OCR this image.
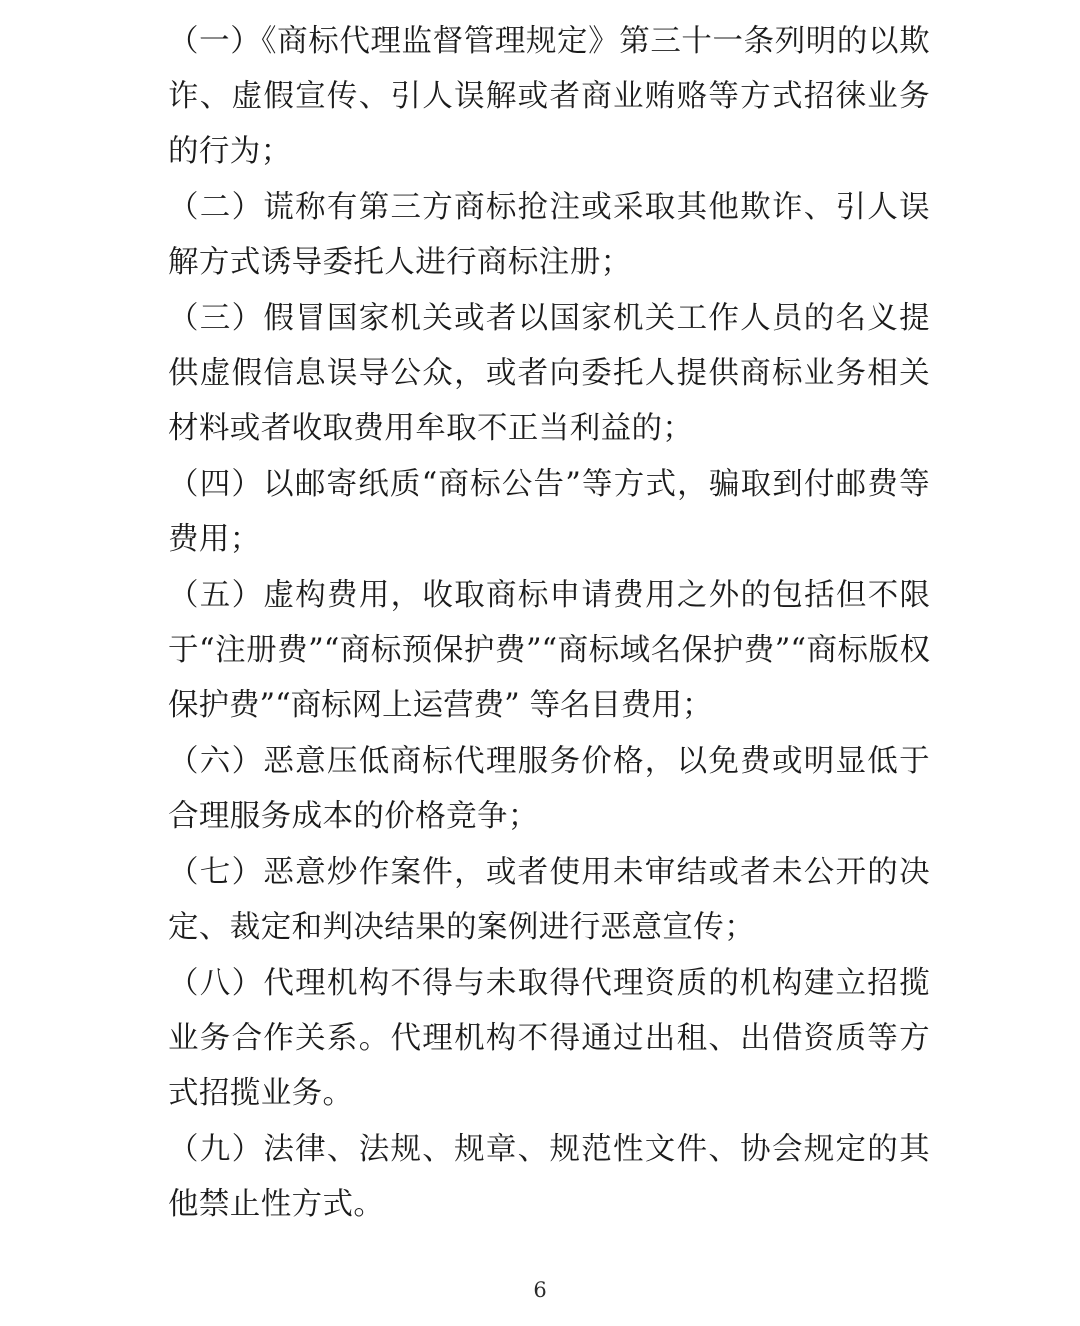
（一）《商标代理监督管理规定》第三十一条列明的以欺诈、虚假宣传、引人误解或者商业贿赂等方式招徕业务的行为；

（二）谎称有第三方商标抢注或采取其他欺诈、引人误解方式诱导委托人进行商标注册；

（三）假冒国家机关或者以国家机关工作人员的名义提供虚假信息误导公众，或者向委托人提供商标业务相关材料或者收取费用牟取不正当利益的；

（四）以邮寄纸质“商标公告”等方式，骗取到付邮费等费用；

（五）虚构费用，收取商标申请费用之外的包括但不限于“注册费”“商标预保护费”“商标域名保护费”“商标版权保护费”“商标网上运营费” 等名目费用；

（六）恶意压低商标代理服务价格，以免费或明显低于合理服务成本的价格竞争；

（七）恶意炒作案件，或者使用未审结或者未公开的决定、裁定和判决结果的案例进行恶意宣传；

（八）代理机构不得与未取得代理资质的机构建立招揽业务合作关系。代理机构不得通过出租、出借资质等方式招揽业务。

（九）法律、法规、规章、规范性文件、协会规定的其他禁止性方式。

6
